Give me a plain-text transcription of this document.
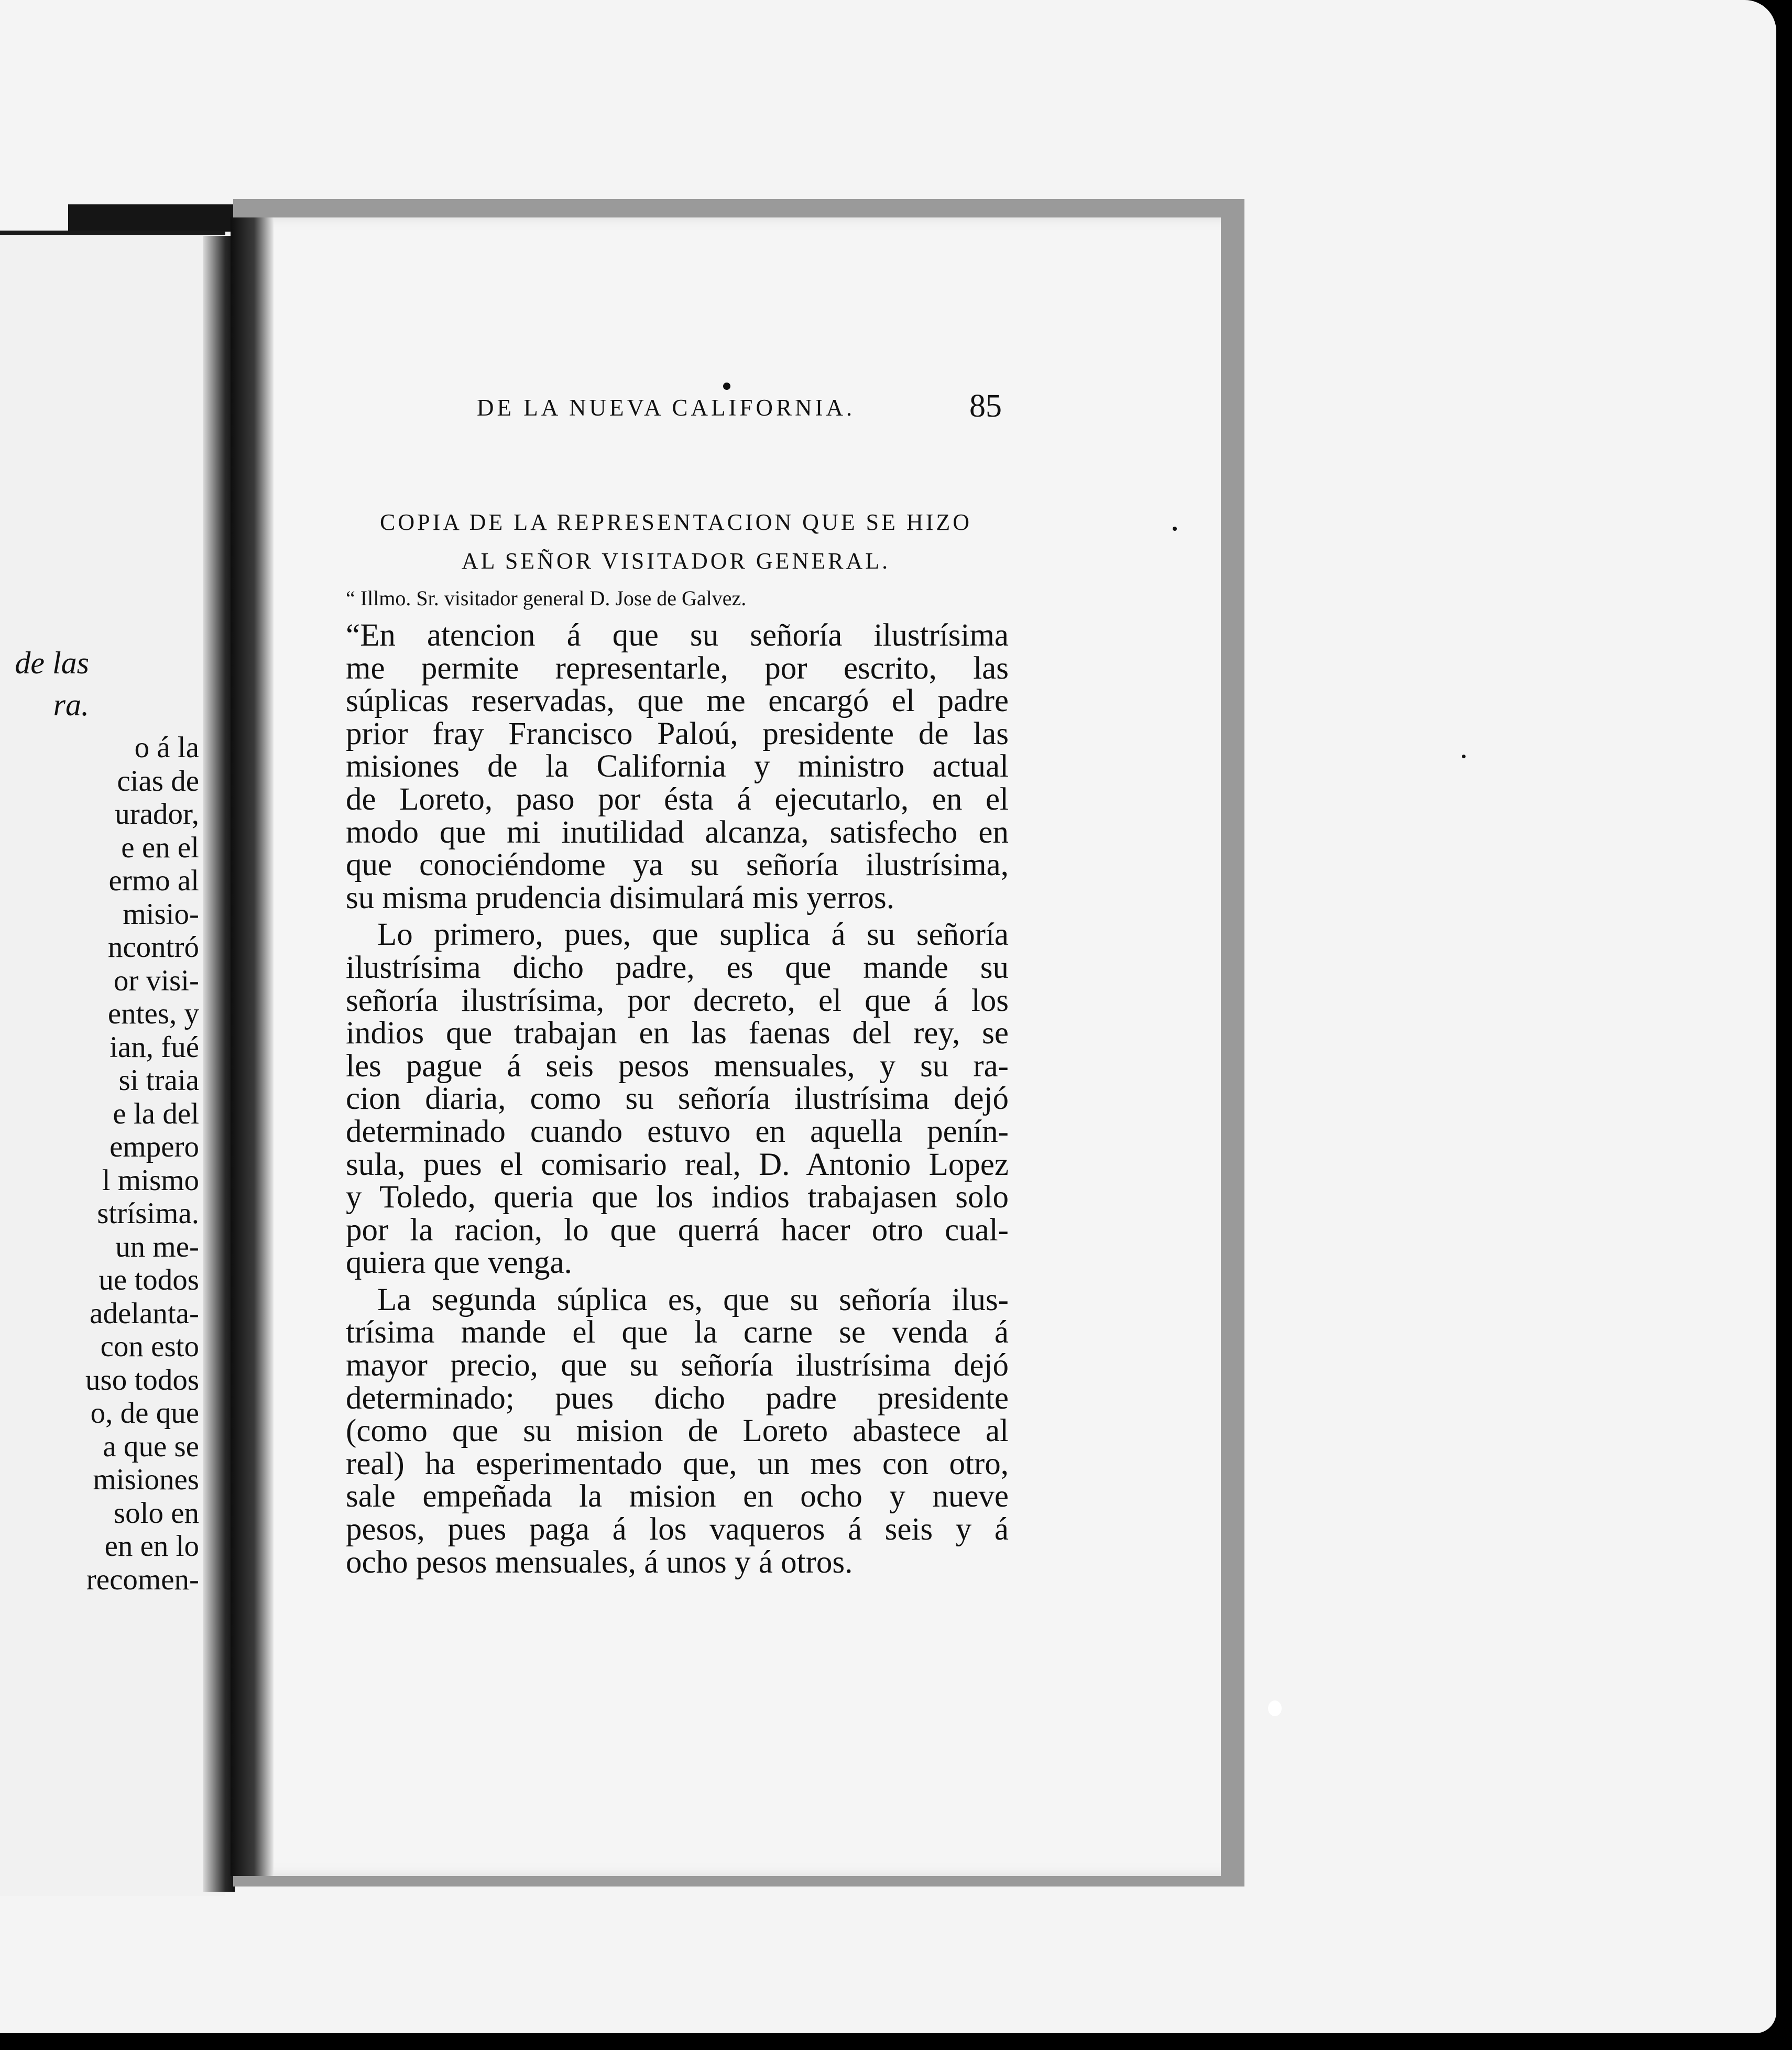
de las
ra.
o á la
cias de
urador,
e en el
ermo al
misio-
ncontró
or visi-
entes, y
ian, fué
si traia
e la del
empero
l mismo
strísima.
un me-
ue todos
adelanta-
con esto
uso todos
o, de que
a que se
misiones
solo en
en en lo
recomen-
DE LA NUEVA CALIFORNIA.	85
COPIA DE LA REPRESENTACION QUE SE HIZO
AL SEÑOR VISITADOR GENERAL.
“ Illmo. Sr. visitador general D. Jose de Galvez.
“En atencion á que su señoría ilustrísima
me permite representarle, por escrito, las
súplicas reservadas, que me encargó el padre
prior fray Francisco Paloú, presidente de las
misiones de la California y ministro actual
de Loreto, paso por ésta á ejecutarlo, en el
modo que mi inutilidad alcanza, satisfecho en
que conociéndome ya su señoría ilustrísima,
su misma prudencia disimulará mis yerros.
Lo primero, pues, que suplica á su señoría
ilustrísima dicho padre, es que mande su
señoría ilustrísima, por decreto, el que á los
indios que trabajan en las faenas del rey, se
les pague á seis pesos mensuales, y su ra-
cion diaria, como su señoría ilustrísima dejó
determinado cuando estuvo en aquella penín-
sula, pues el comisario real, D. Antonio Lopez
y Toledo, queria que los indios trabajasen solo
por la racion, lo que querrá hacer otro cual-
quiera que venga.
La segunda súplica es, que su señoría ilus-
trísima mande el que la carne se venda á
mayor precio, que su señoría ilustrísima dejó
determinado; pues dicho padre presidente
(como que su mision de Loreto abastece al
real) ha esperimentado que, un mes con otro,
sale empeñada la mision en ocho y nueve
pesos, pues paga á los vaqueros á seis y á
ocho pesos mensuales, á unos y á otros.
